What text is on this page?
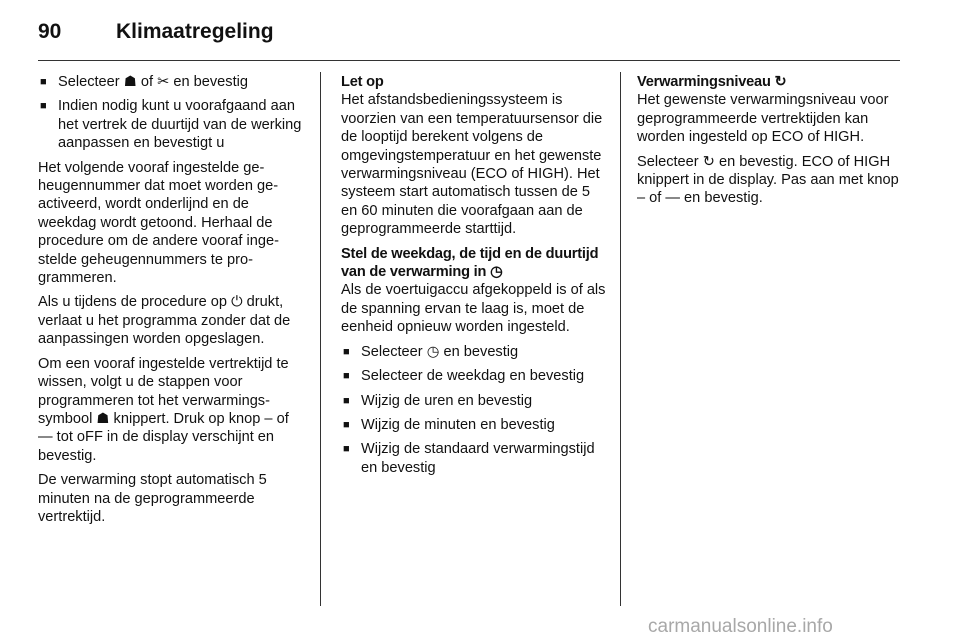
90	Klimaatregeling

■ Selecteer ☗ of ✂ en bevestig

■ Indien nodig kunt u voorafgaand aan het vertrek de duurtijd van de werking aanpassen en bevestigt u

Het volgende vooraf ingestelde geheugennummer dat moet worden geactiveerd, wordt onderlijnd en de weekdag wordt getoond. Herhaal de procedure om de andere vooraf ingestelde geheugennummers te programmeren.

Als u tijdens de procedure op ⏻ drukt, verlaat u het programma zonder dat de aanpassingen worden opgeslagen.

Om een vooraf ingestelde vertrektijd te wissen, volgt u de stappen voor programmeren tot het verwarmingssymbool ☗ knippert. Druk op knop – of — tot oFF in de display verschijnt en bevestig.

De verwarming stopt automatisch 5 minuten na de geprogrammeerde vertrektijd.

Let op

Het afstandsbedieningssysteem is voorzien van een temperatuursensor die de looptijd berekent volgens de omgevingstemperatuur en het gewenste verwarmingsniveau (ECO of HIGH). Het systeem start automatisch tussen de 5 en 60 minuten die voorafgaan aan de geprogrammeerde starttijd.

Stel de weekdag, de tijd en de duurtijd van de verwarming in ◷

Als de voertuigaccu afgekoppeld is of als de spanning ervan te laag is, moet de eenheid opnieuw worden ingesteld.

■ Selecteer ◷ en bevestig

■ Selecteer de weekdag en bevestig

■ Wijzig de uren en bevestig

■ Wijzig de minuten en bevestig

■ Wijzig de standaard verwarmingstijd en bevestig

Verwarmingsniveau ↻

Het gewenste verwarmingsniveau voor geprogrammeerde vertrektijden kan worden ingesteld op ECO of HIGH.

Selecteer ↻ en bevestig. ECO of HIGH knippert in de display. Pas aan met knop – of — en bevestig.

carmanualsonline.info
